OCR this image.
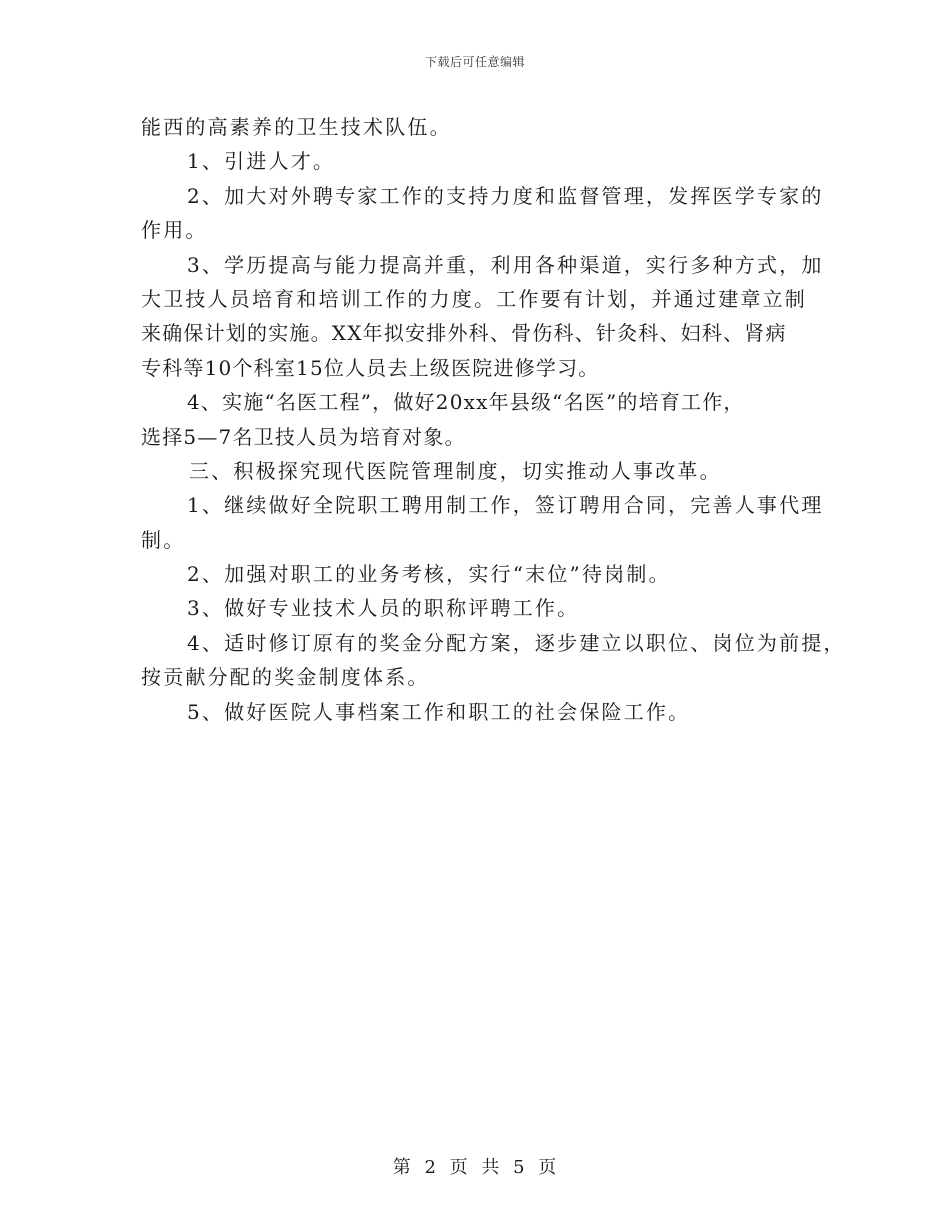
下载后可任意编辑
能西的高素养的卫生技术队伍。
1、引进人才。
2、加大对外聘专家工作的支持力度和监督管理，发挥医学专家的
作用。
3、学历提高与能力提高并重，利用各种渠道，实行多种方式，加
大卫技人员培育和培训工作的力度。工作要有计划，并通过建章立制
来确保计划的实施。XX年拟安排外科、骨伤科、针灸科、妇科、肾病
专科等10个科室15位人员去上级医院进修学习。
4、实施“名医工程”，做好20xx年县级“名医”的培育工作，
选择5—7名卫技人员为培育对象。
三、积极探究现代医院管理制度，切实推动人事改革。
1、继续做好全院职工聘用制工作，签订聘用合同，完善人事代理
制。
2、加强对职工的业务考核，实行“末位”待岗制。
3、做好专业技术人员的职称评聘工作。
4、适时修订原有的奖金分配方案，逐步建立以职位、岗位为前提，
按贡献分配的奖金制度体系。
5、做好医院人事档案工作和职工的社会保险工作。
第 2 页 共 5 页
